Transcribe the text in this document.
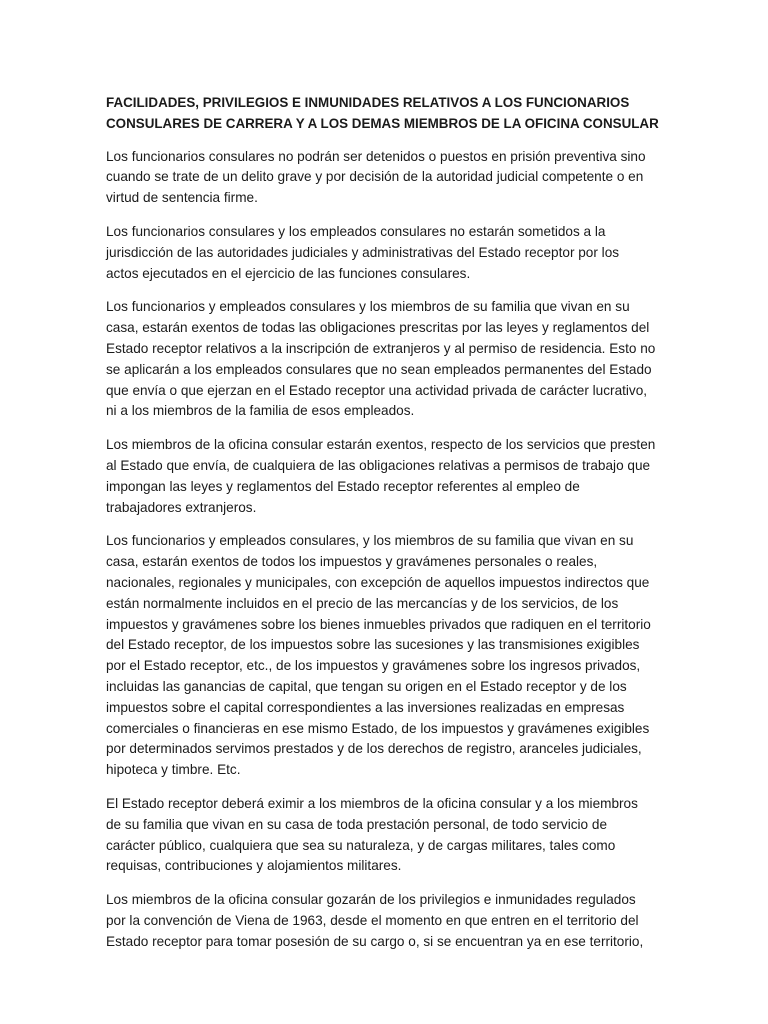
FACILIDADES, PRIVILEGIOS E INMUNIDADES RELATIVOS A LOS FUNCIONARIOS
CONSULARES DE CARRERA Y A LOS DEMAS MIEMBROS DE LA OFICINA CONSULAR
Los funcionarios consulares no podrán ser detenidos o puestos en prisión preventiva sino
cuando se trate de un delito grave y por decisión de la autoridad judicial competente o en
virtud de sentencia firme.
Los funcionarios consulares y los empleados consulares no estarán sometidos a la
jurisdicción de las autoridades judiciales y administrativas del Estado receptor por los
actos ejecutados en el ejercicio de las funciones consulares.
Los funcionarios y empleados consulares y los miembros de su familia que vivan en su
casa, estarán exentos de todas las obligaciones prescritas por las leyes y reglamentos del
Estado receptor relativos a la inscripción de extranjeros y al permiso de residencia. Esto no
se aplicarán a los empleados consulares que no sean empleados permanentes del Estado
que envía o que ejerzan en el Estado receptor una actividad privada de carácter lucrativo,
ni a los miembros de la familia de esos empleados.
Los miembros de la oficina consular estarán exentos, respecto de los servicios que presten
al Estado que envía, de cualquiera de las obligaciones relativas a permisos de trabajo que
impongan las leyes y reglamentos del Estado receptor referentes al empleo de
trabajadores extranjeros.
Los funcionarios y empleados consulares, y los miembros de su familia que vivan en su
casa, estarán exentos de todos los impuestos y gravámenes personales o reales,
nacionales, regionales y municipales, con excepción de aquellos impuestos indirectos que
están normalmente incluidos en el precio de las mercancías y de los servicios, de los
impuestos y gravámenes sobre los bienes inmuebles privados que radiquen en el territorio
del Estado receptor, de los impuestos sobre las sucesiones y las transmisiones exigibles
por el Estado receptor, etc., de los impuestos y gravámenes sobre los ingresos privados,
incluidas las ganancias de capital, que tengan su origen en el Estado receptor y de los
impuestos sobre el capital correspondientes a las inversiones realizadas en empresas
comerciales o financieras en ese mismo Estado, de los impuestos y gravámenes exigibles
por determinados servimos prestados y de los derechos de registro, aranceles judiciales,
hipoteca y timbre. Etc.
El Estado receptor deberá eximir a los miembros de la oficina consular y a los miembros
de su familia que vivan en su casa de toda prestación personal, de todo servicio de
carácter público, cualquiera que sea su naturaleza, y de cargas militares, tales como
requisas, contribuciones y alojamientos militares.
Los miembros de la oficina consular gozarán de los privilegios e inmunidades regulados
por la convención de Viena de 1963, desde el momento en que entren en el territorio del
Estado receptor para tomar posesión de su cargo o, si se encuentran ya en ese territorio,
